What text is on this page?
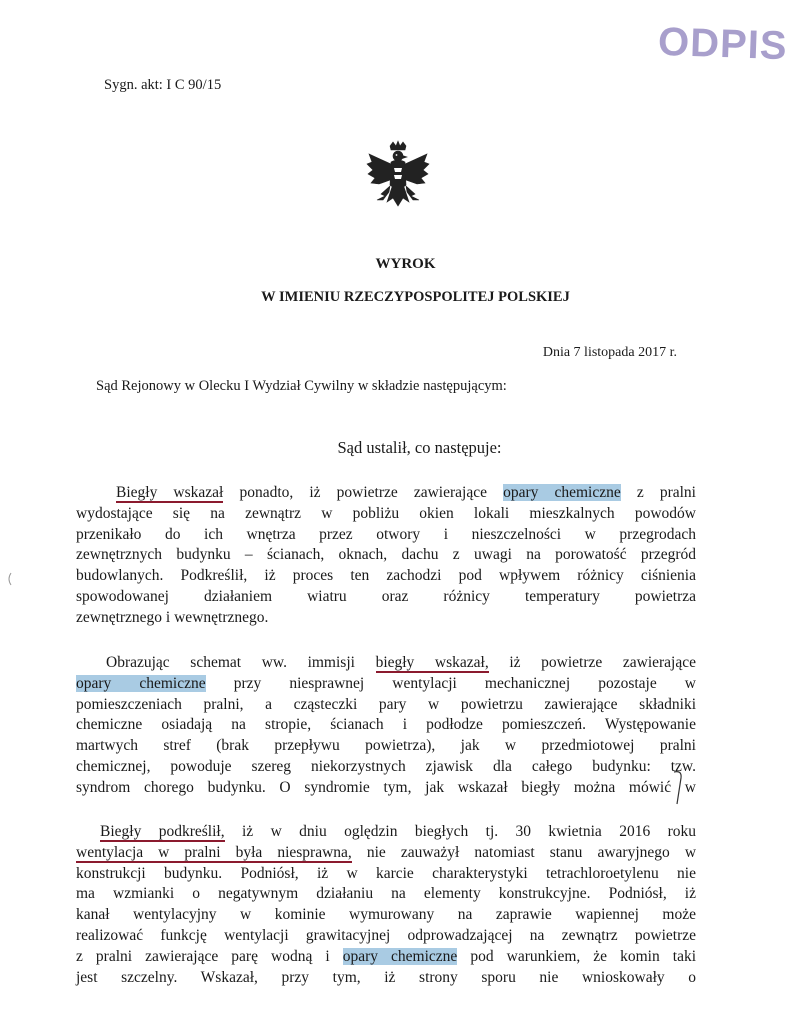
ODPIS
Sygn. akt: I C 90/15
WYROK
W IMIENIU RZECZYPOSPOLITEJ POLSKIEJ
Dnia 7 listopada 2017 r.
Sąd Rejonowy w Olecku I Wydział Cywilny w składzie następującym:
Sąd ustalił, co następuje:
Biegły wskazał ponadto, iż powietrze zawierające opary chemiczne z pralni
wydostające się na zewnątrz w pobliżu okien lokali mieszkalnych powodów
przenikało do ich wnętrza przez otwory i nieszczelności w przegrodach
zewnętrznych budynku – ścianach, oknach, dachu z uwagi na porowatość przegród
budowlanych. Podkreślił, iż proces ten zachodzi pod wpływem różnicy ciśnienia
spowodowanej działaniem wiatru oraz różnicy temperatury powietrza
zewnętrznego i wewnętrznego.
Obrazując schemat ww. immisji biegły wskazał, iż powietrze zawierające
opary chemiczne przy niesprawnej wentylacji mechanicznej pozostaje w
pomieszczeniach pralni, a cząsteczki pary w powietrzu zawierające składniki
chemiczne osiadają na stropie, ścianach i podłodze pomieszczeń. Występowanie
martwych stref (brak przepływu powietrza), jak w przedmiotowej pralni
chemicznej, powoduje szereg niekorzystnych zjawisk dla całego budynku: tzw.
syndrom chorego budynku. O syndromie tym, jak wskazał biegły można mówić w
Biegły podkreślił, iż w dniu oględzin biegłych tj. 30 kwietnia 2016 roku
wentylacja w pralni była niesprawna, nie zauważył natomiast stanu awaryjnego w
konstrukcji budynku. Podniósł, iż w karcie charakterystyki tetrachloroetylenu nie
ma wzmianki o negatywnym działaniu na elementy konstrukcyjne. Podniósł, iż
kanał wentylacyjny w kominie wymurowany na zaprawie wapiennej może
realizować funkcję wentylacji grawitacyjnej odprowadzającej na zewnątrz powietrze
z pralni zawierające parę wodną i opary chemiczne pod warunkiem, że komin taki
jest szczelny. Wskazał, przy tym, iż strony sporu nie wnioskowały o
